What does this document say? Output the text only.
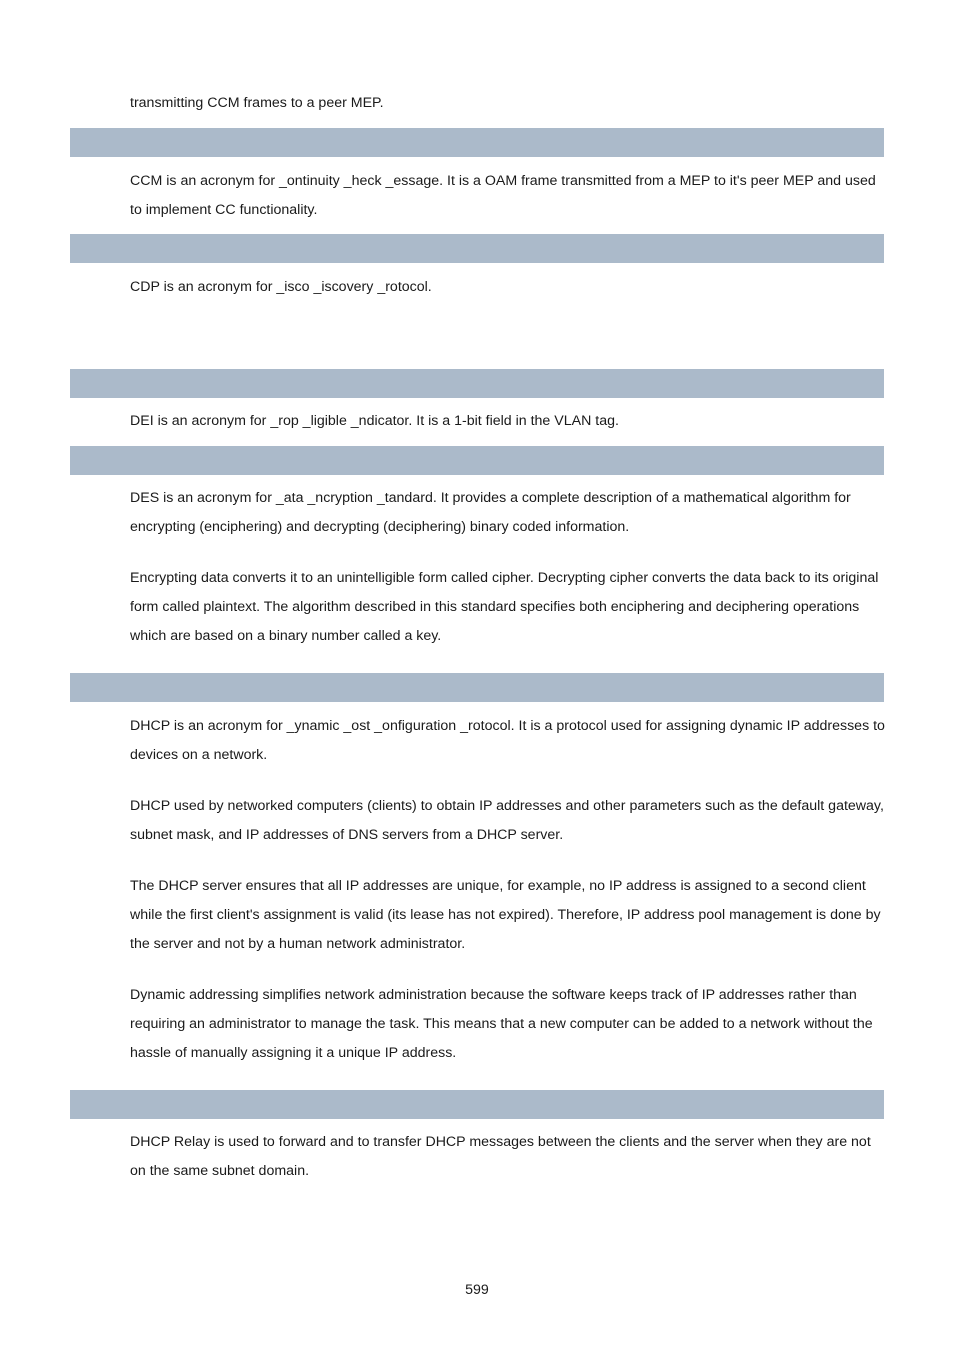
transmitting CCM frames to a peer MEP.

CCM is an acronym for _ontinuity _heck _essage. It is a OAM frame transmitted from a MEP to it's peer MEP and used to implement CC functionality.

CDP is an acronym for _isco _iscovery _rotocol.

DEI is an acronym for _rop _ligible _ndicator. It is a 1-bit field in the VLAN tag.

DES is an acronym for _ata _ncryption _tandard. It provides a complete description of a mathematical algorithm for encrypting (enciphering) and decrypting (deciphering) binary coded information.

Encrypting data converts it to an unintelligible form called cipher. Decrypting cipher converts the data back to its original form called plaintext. The algorithm described in this standard specifies both enciphering and deciphering operations which are based on a binary number called a key.

DHCP is an acronym for _ynamic _ost _onfiguration _rotocol. It is a protocol used for assigning dynamic IP addresses to devices on a network.

DHCP used by networked computers (clients) to obtain IP addresses and other parameters such as the default gateway, subnet mask, and IP addresses of DNS servers from a DHCP server.

The DHCP server ensures that all IP addresses are unique, for example, no IP address is assigned to a second client while the first client's assignment is valid (its lease has not expired). Therefore, IP address pool management is done by the server and not by a human network administrator.

Dynamic addressing simplifies network administration because the software keeps track of IP addresses rather than requiring an administrator to manage the task. This means that a new computer can be added to a network without the hassle of manually assigning it a unique IP address.

DHCP Relay is used to forward and to transfer DHCP messages between the clients and the server when they are not on the same subnet domain.

599
